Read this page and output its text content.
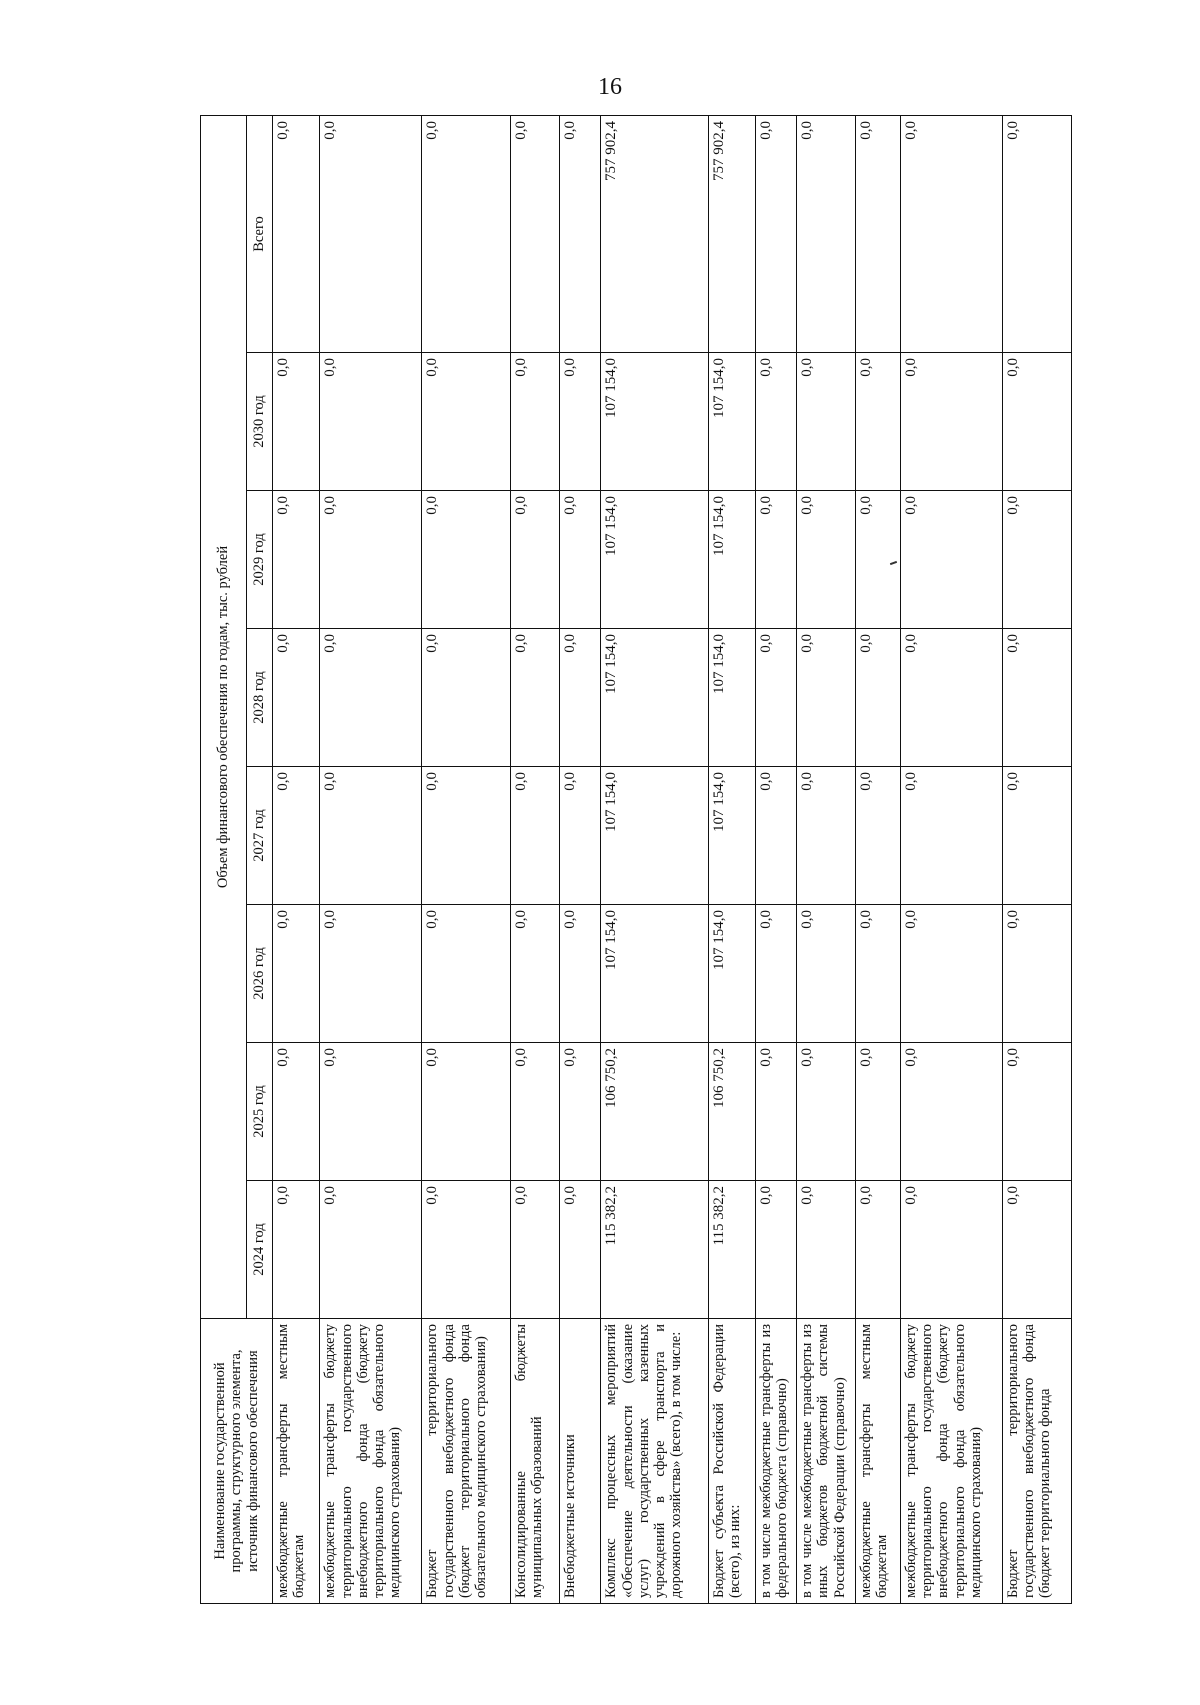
16
Наименование государственной программы, структурного элемента, источник финансового обеспечения	Объем финансового обеспечения по годам, тыс. рублей							
	2024 год	2025 год	2026 год	2027 год	2028 год	2029 год	2030 год	Всего
межбюджетные трансферты местным бюджетам	0,0	0,0	0,0	0,0	0,0	0,0	0,0	0,0
межбюджетные трансферты бюджету территориального государственного внебюджетного фонда (бюджету территориального фонда обязательного медицинского страхования)	0,0	0,0	0,0	0,0	0,0	0,0	0,0	0,0
Бюджет территориального государственного внебюджетного фонда (бюджет территориального фонда обязательного медицинского страхования)	0,0	0,0	0,0	0,0	0,0	0,0	0,0	0,0
Консолидированные бюджеты муниципальных образований	0,0	0,0	0,0	0,0	0,0	0,0	0,0	0,0
Внебюджетные источники	0,0	0,0	0,0	0,0	0,0	0,0	0,0	0,0
Комплекс процессных мероприятий «Обеспечение деятельности (оказание услуг) государственных казенных учреждений в сфере транспорта и дорожного хозяйства» (всего), в том числе:	115 382,2	106 750,2	107 154,0	107 154,0	107 154,0	107 154,0	107 154,0	757 902,4
Бюджет субъекта Российской Федерации (всего), из них:	115 382,2	106 750,2	107 154,0	107 154,0	107 154,0	107 154,0	107 154,0	757 902,4
в том числе межбюджетные трансферты из федерального бюджета (справочно)	0,0	0,0	0,0	0,0	0,0	0,0	0,0	0,0
в том числе межбюджетные трансферты из иных бюджетов бюджетной системы Российской Федерации (справочно)	0,0	0,0	0,0	0,0	0,0	0,0	0,0	0,0
межбюджетные трансферты местным бюджетам	0,0	0,0	0,0	0,0	0,0	0,0	0,0	0,0
межбюджетные трансферты бюджету территориального государственного внебюджетного фонда (бюджету территориального фонда обязательного медицинского страхования)	0,0	0,0	0,0	0,0	0,0	0,0	0,0	0,0
Бюджет территориального государственного внебюджетного фонда (бюджет территориального фонда	0,0	0,0	0,0	0,0	0,0	0,0	0,0	0,0
